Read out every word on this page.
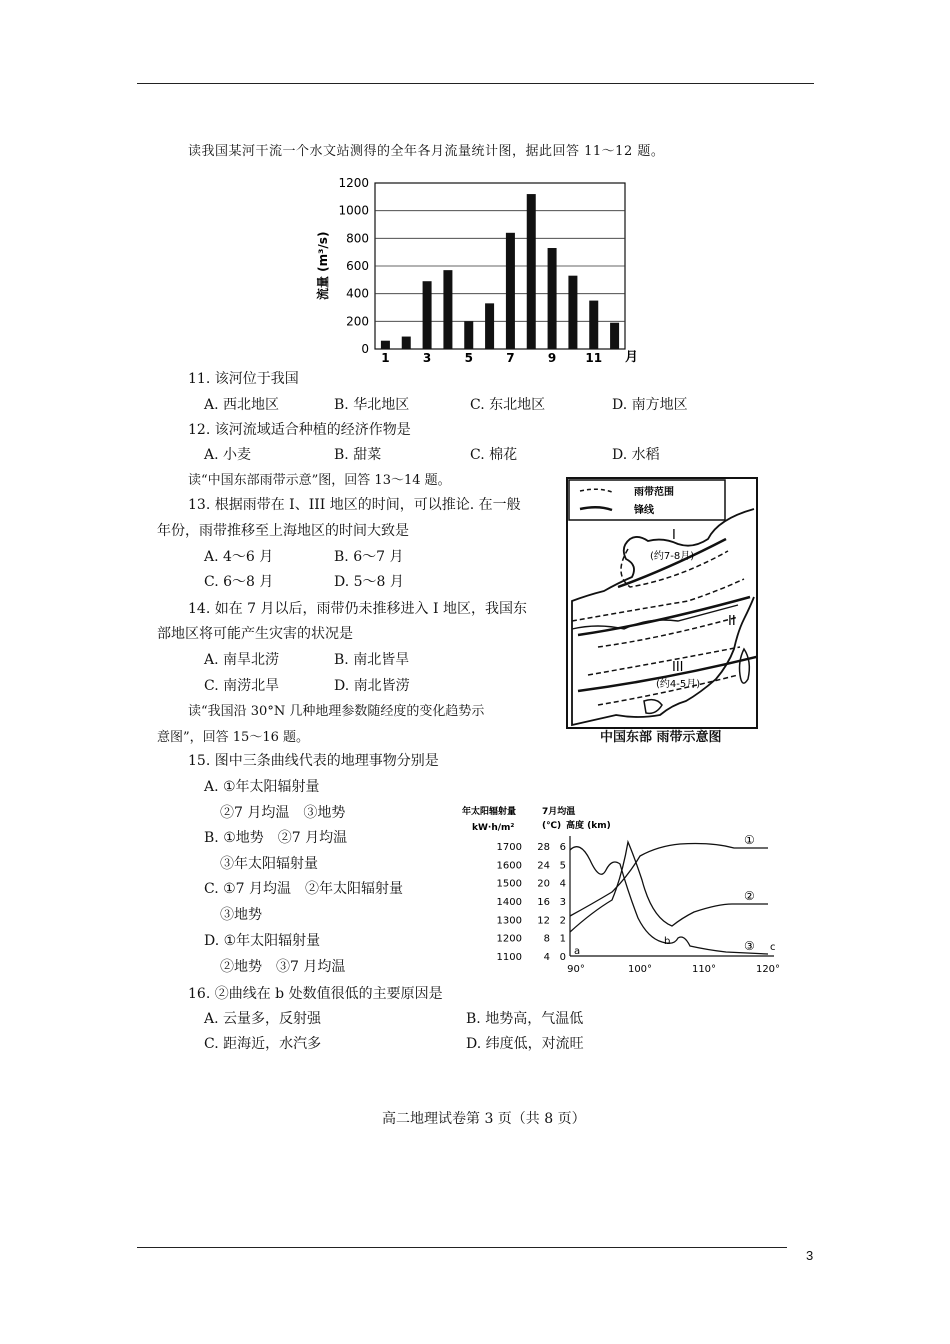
读我国某河干流一个水文站测得的全年各月流量统计图，据此回答 11～12 题。
0
200
400
600
800
1000
1200
1	3	5	7	9 11
流量 (m³/s)
月
11. 该河位于我国
A. 西北地区	B. 华北地区	C. 东北地区	D. 南方地区
12. 该河流域适合种植的经济作物是
A. 小麦	B. 甜菜	C. 棉花	D. 水稻
读“中国东部雨带示意”图，回答 13～14 题。
13. 根据雨带在 I、III 地区的时间，可以推论. 在一般
年份，雨带推移至上海地区的时间大致是
A. 4～6 月	B. 6～7 月
C. 6～8 月	D. 5～8 月
14. 如在 7 月以后，雨带仍未推移进入 I 地区，我国东
部地区将可能产生灾害的状况是
A. 南旱北涝	B. 南北皆旱
C. 南涝北旱	D. 南北皆涝
雨带范围
锋线
I
(约7-8月)
II
III
(约4-5月)
中国东部 雨带示意图
读“我国沿 30°N 几种地理参数随经度的变化趋势示
意图”，回答 15～16 题。
15. 图中三条曲线代表的地理事物分别是
A. ①年太阳辐射量
②7 月均温　③地势
B. ①地势　②7 月均温
③年太阳辐射量
C. ①7 月均温　②年太阳辐射量
③地势
D. ①年太阳辐射量
②地势　③7 月均温
年太阳辐射量
kW·h/m²
7月均温
(℃) 高度 (km)
1700
1600
1500
1400
1300
1200
1100
28
24
20
16
12
8
4
6
5
4
3
2
1
0
90°	100°	110°	120°
①
②
③
a
b
c
16. ②曲线在 b 处数值很低的主要原因是
A. 云量多，反射强	B. 地势高，气温低
C. 距海近，水汽多	D. 纬度低，对流旺
高二地理试卷第 3 页（共 8 页）
3
